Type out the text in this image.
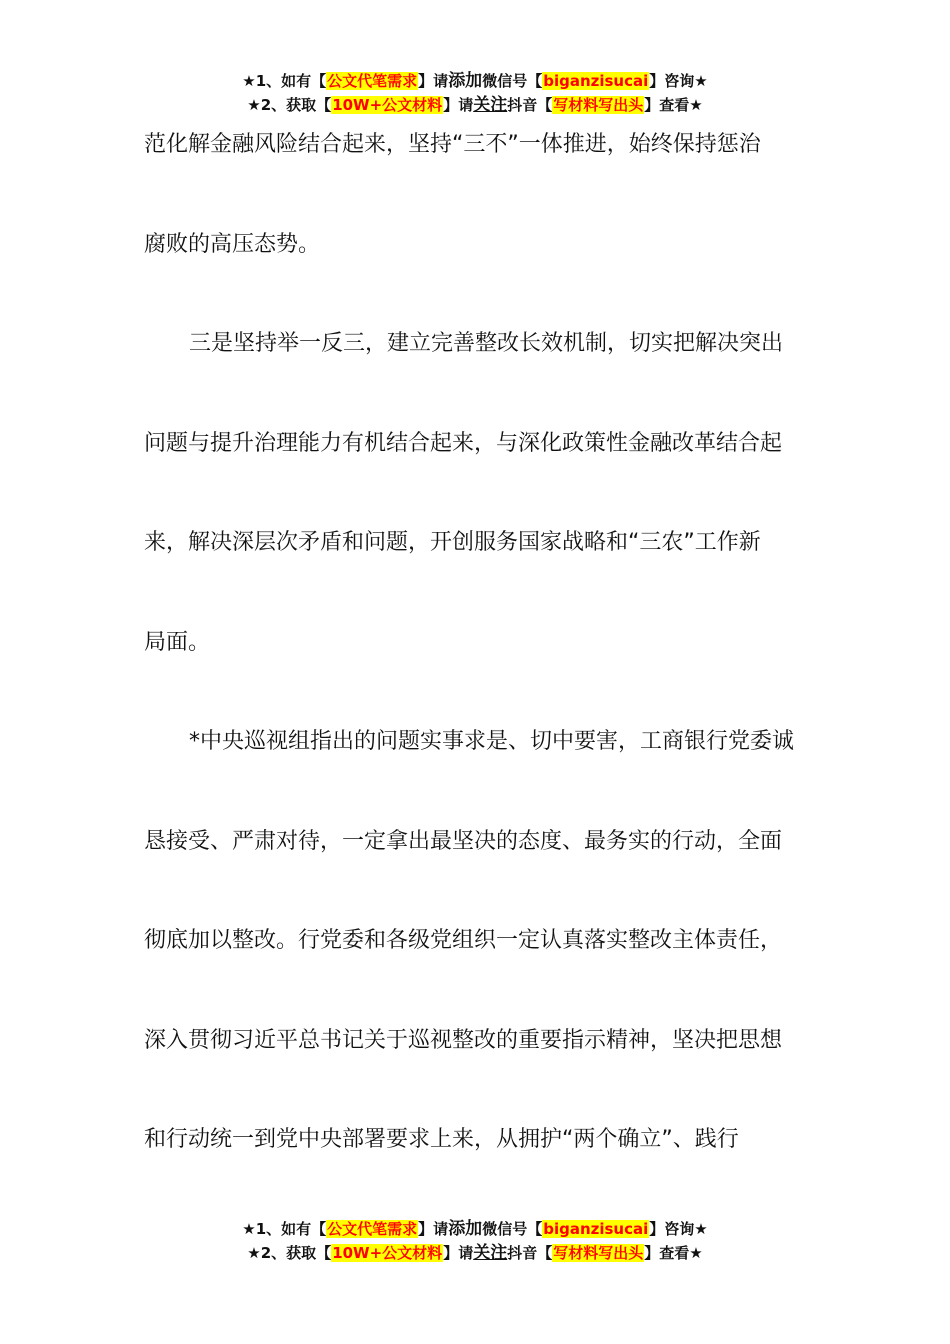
★1、如有【公文代笔需求】请添加微信号【biganzisucai】咨询★
★2、获取【10W+公文材料】请关注抖音【写材料写出头】查看★
范化解金融风险结合起来，坚持“三不”一体推进，始终保持惩治
腐败的高压态势。
三是坚持举一反三，建立完善整改长效机制，切实把解决突出
问题与提升治理能力有机结合起来，与深化政策性金融改革结合起
来，解决深层次矛盾和问题，开创服务国家战略和“三农”工作新
局面。
*中央巡视组指出的问题实事求是、切中要害，工商银行党委诚
恳接受、严肃对待，一定拿出最坚决的态度、最务实的行动，全面
彻底加以整改。行党委和各级党组织一定认真落实整改主体责任，
深入贯彻习近平总书记关于巡视整改的重要指示精神，坚决把思想
和行动统一到党中央部署要求上来，从拥护“两个确立”、践行
★1、如有【公文代笔需求】请添加微信号【biganzisucai】咨询★
★2、获取【10W+公文材料】请关注抖音【写材料写出头】查看★
